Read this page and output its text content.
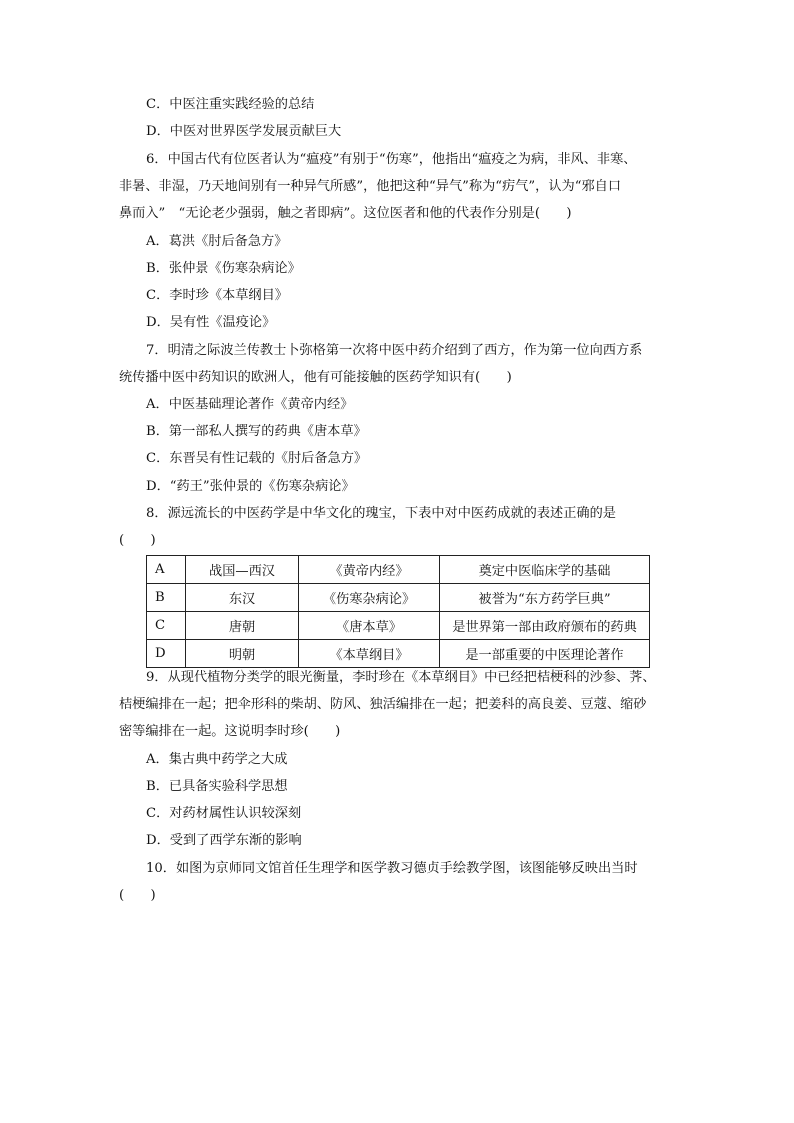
C．中医注重实践经验的总结
D．中医对世界医学发展贡献巨大
6．中国古代有位医者认为“瘟疫”有别于“伤寒”，他指出“瘟疫之为病，非风、非寒、
非暑、非湿，乃天地间别有一种异气所感”，他把这种“异气”称为“疠气”，认为“邪自口
鼻而入”　“无论老少强弱，触之者即病”。这位医者和他的代表作分别是(　　)
A．葛洪《肘后备急方》
B．张仲景《伤寒杂病论》
C．李时珍《本草纲目》
D．吴有性《温疫论》
7．明清之际波兰传教士卜弥格第一次将中医中药介绍到了西方，作为第一位向西方系
统传播中医中药知识的欧洲人，他有可能接触的医药学知识有(　　)
A．中医基础理论著作《黄帝内经》
B．第一部私人撰写的药典《唐本草》
C．东晋吴有性记载的《肘后备急方》
D．“药王”张仲景的《伤寒杂病论》
8．源远流长的中医药学是中华文化的瑰宝，下表中对中医药成就的表述正确的是
(　　)
A	战国—西汉	《黄帝内经》	奠定中医临床学的基础
B	东汉	《伤寒杂病论》	被誉为“东方药学巨典”
C	唐朝	《唐本草》	是世界第一部由政府颁布的药典
D	明朝	《本草纲目》	是一部重要的中医理论著作
9．从现代植物分类学的眼光衡量，李时珍在《本草纲目》中已经把桔梗科的沙参、荠、
桔梗编排在一起；把伞形科的柴胡、防风、独活编排在一起；把姜科的高良姜、豆蔻、缩砂
密等编排在一起。这说明李时珍(　　)
A．集古典中药学之大成
B．已具备实验科学思想
C．对药材属性认识较深刻
D．受到了西学东渐的影响
10．如图为京师同文馆首任生理学和医学教习德贞手绘教学图，该图能够反映出当时
(　　)
